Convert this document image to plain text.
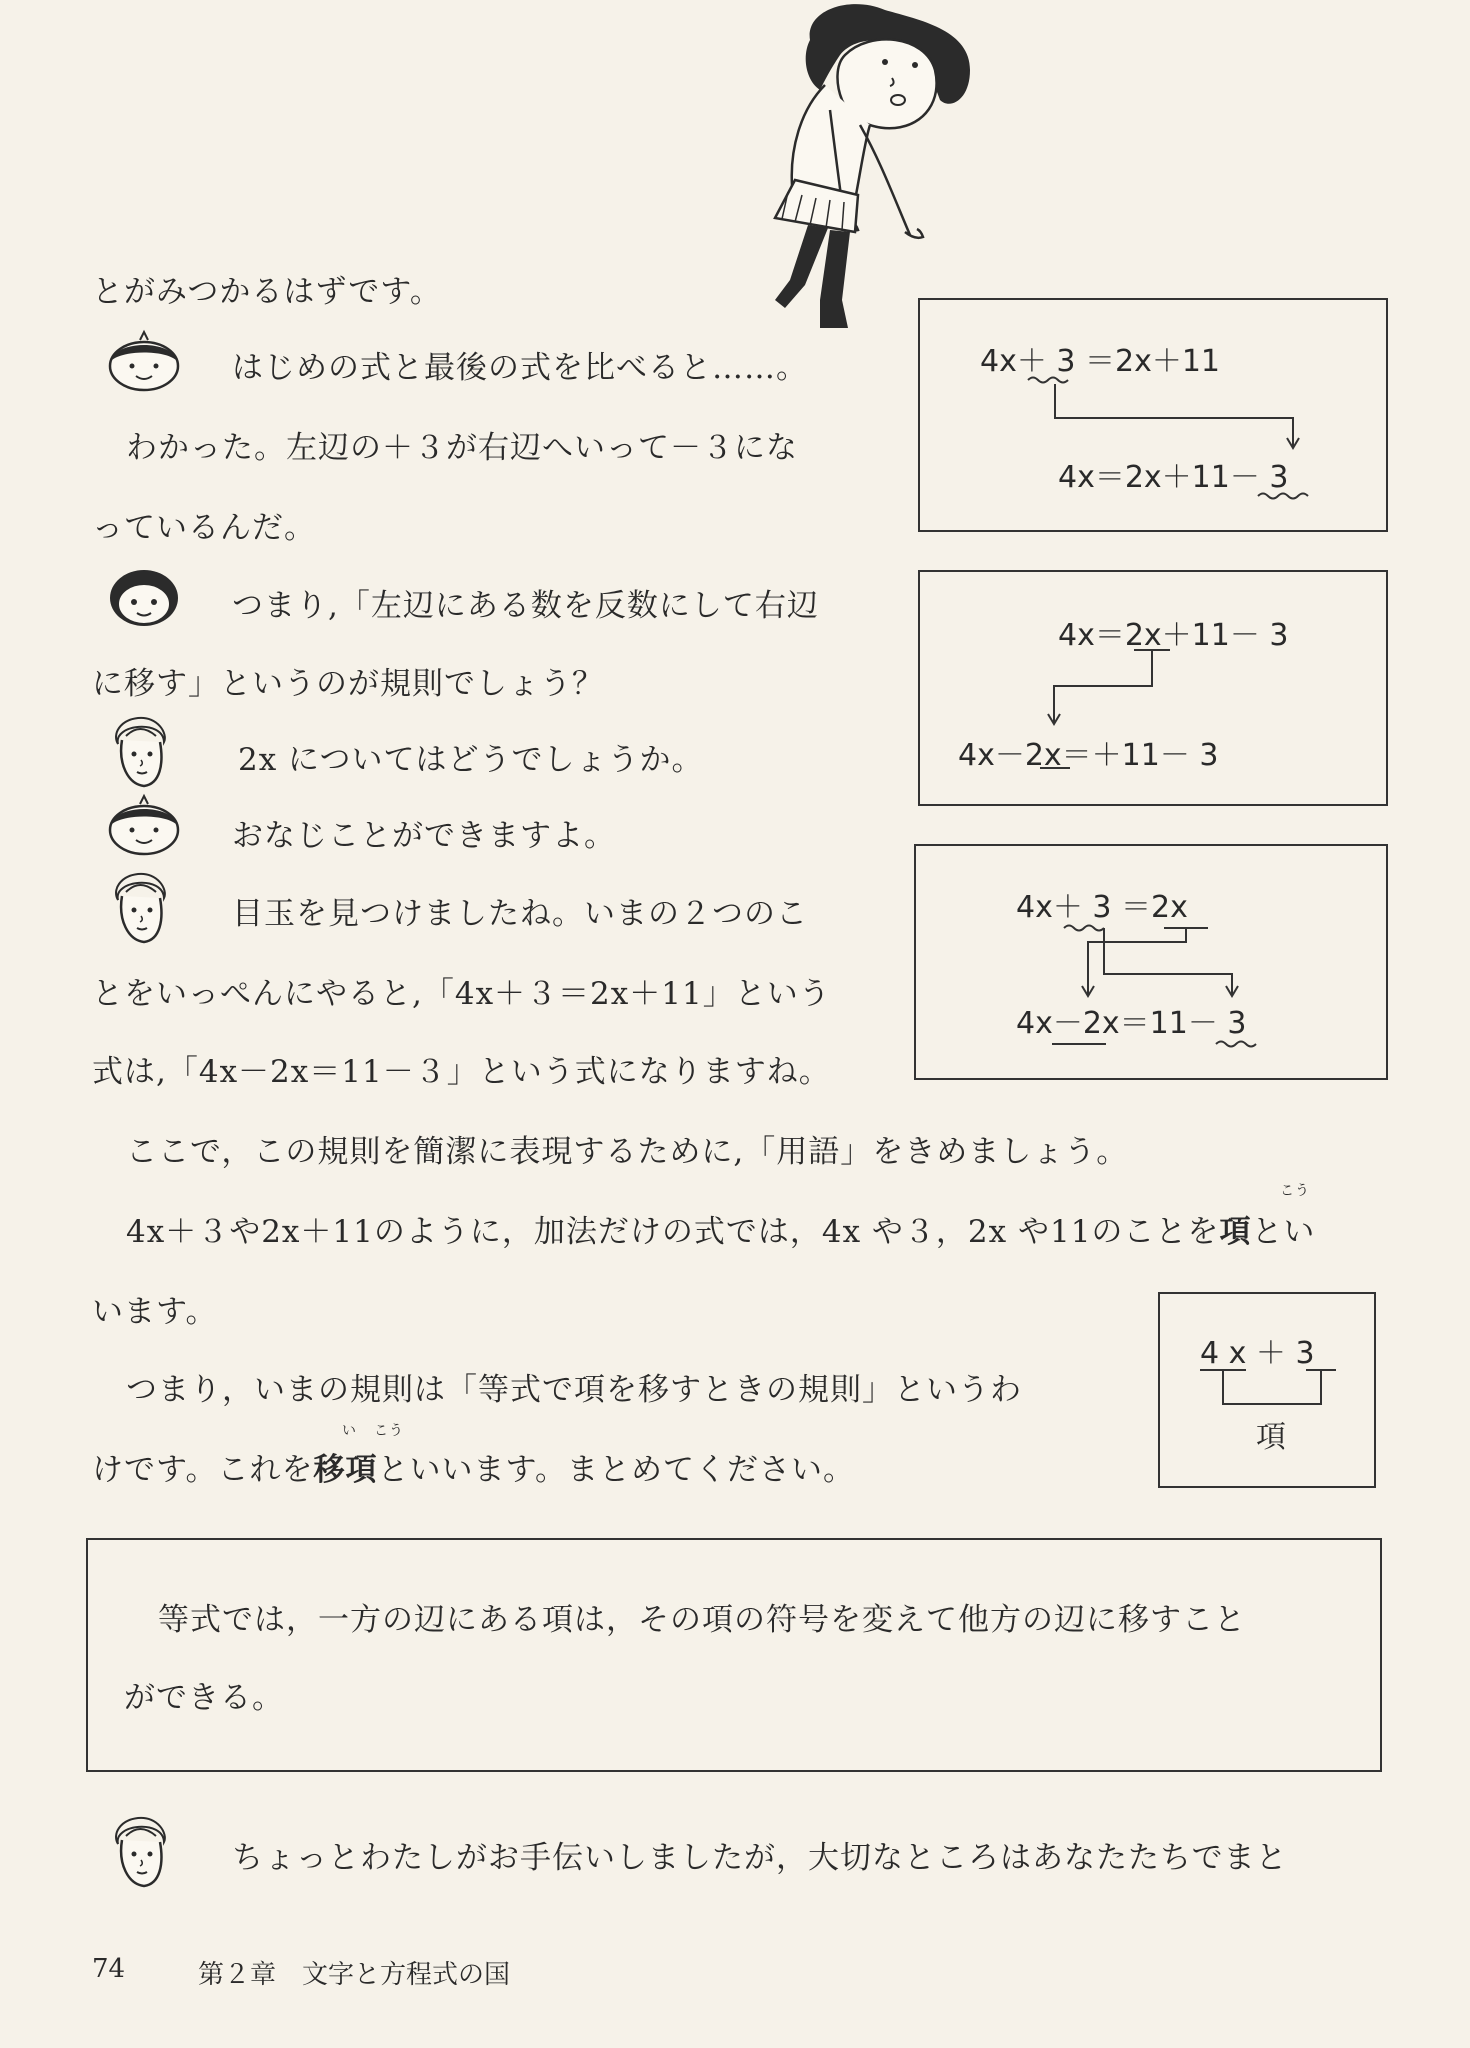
とがみつかるはずです。
はじめの式と最後の式を比べると……。
わかった。左辺の＋３が右辺へいって－３にな
っているんだ。
つまり,「左辺にある数を反数にして右辺
に移す」というのが規則でしょう？
2x についてはどうでしょうか。
おなじことができますよ。
目玉を見つけましたね。いまの２つのこ
とをいっぺんにやると,「4x＋３＝2x＋11」という
式は,「4x－2x＝11－３」という式になりますね。
ここで，この規則を簡潔に表現するために,「用語」をきめましょう。
4x＋３や2x＋11のように，加法だけの式では，4x や３，2x や11のことを項とい
こう
います。
つまり，いまの規則は「等式で項を移すときの規則」というわ
けです。これを移項といいます。まとめてください。
い こう
4x＋ 3 ＝2x＋11
4x＝2x＋11－ 3
4x＝2x＋11－ 3
4x－2x＝＋11－ 3
4x＋ 3 ＝2x
4x－2x＝11－ 3
4 x ＋ 3
項
等式では，一方の辺にある項は，その項の符号を変えて他方の辺に移すこと
ができる。
ちょっとわたしがお手伝いしましたが，大切なところはあなたたちでまと
74	第２章　文字と方程式の国
